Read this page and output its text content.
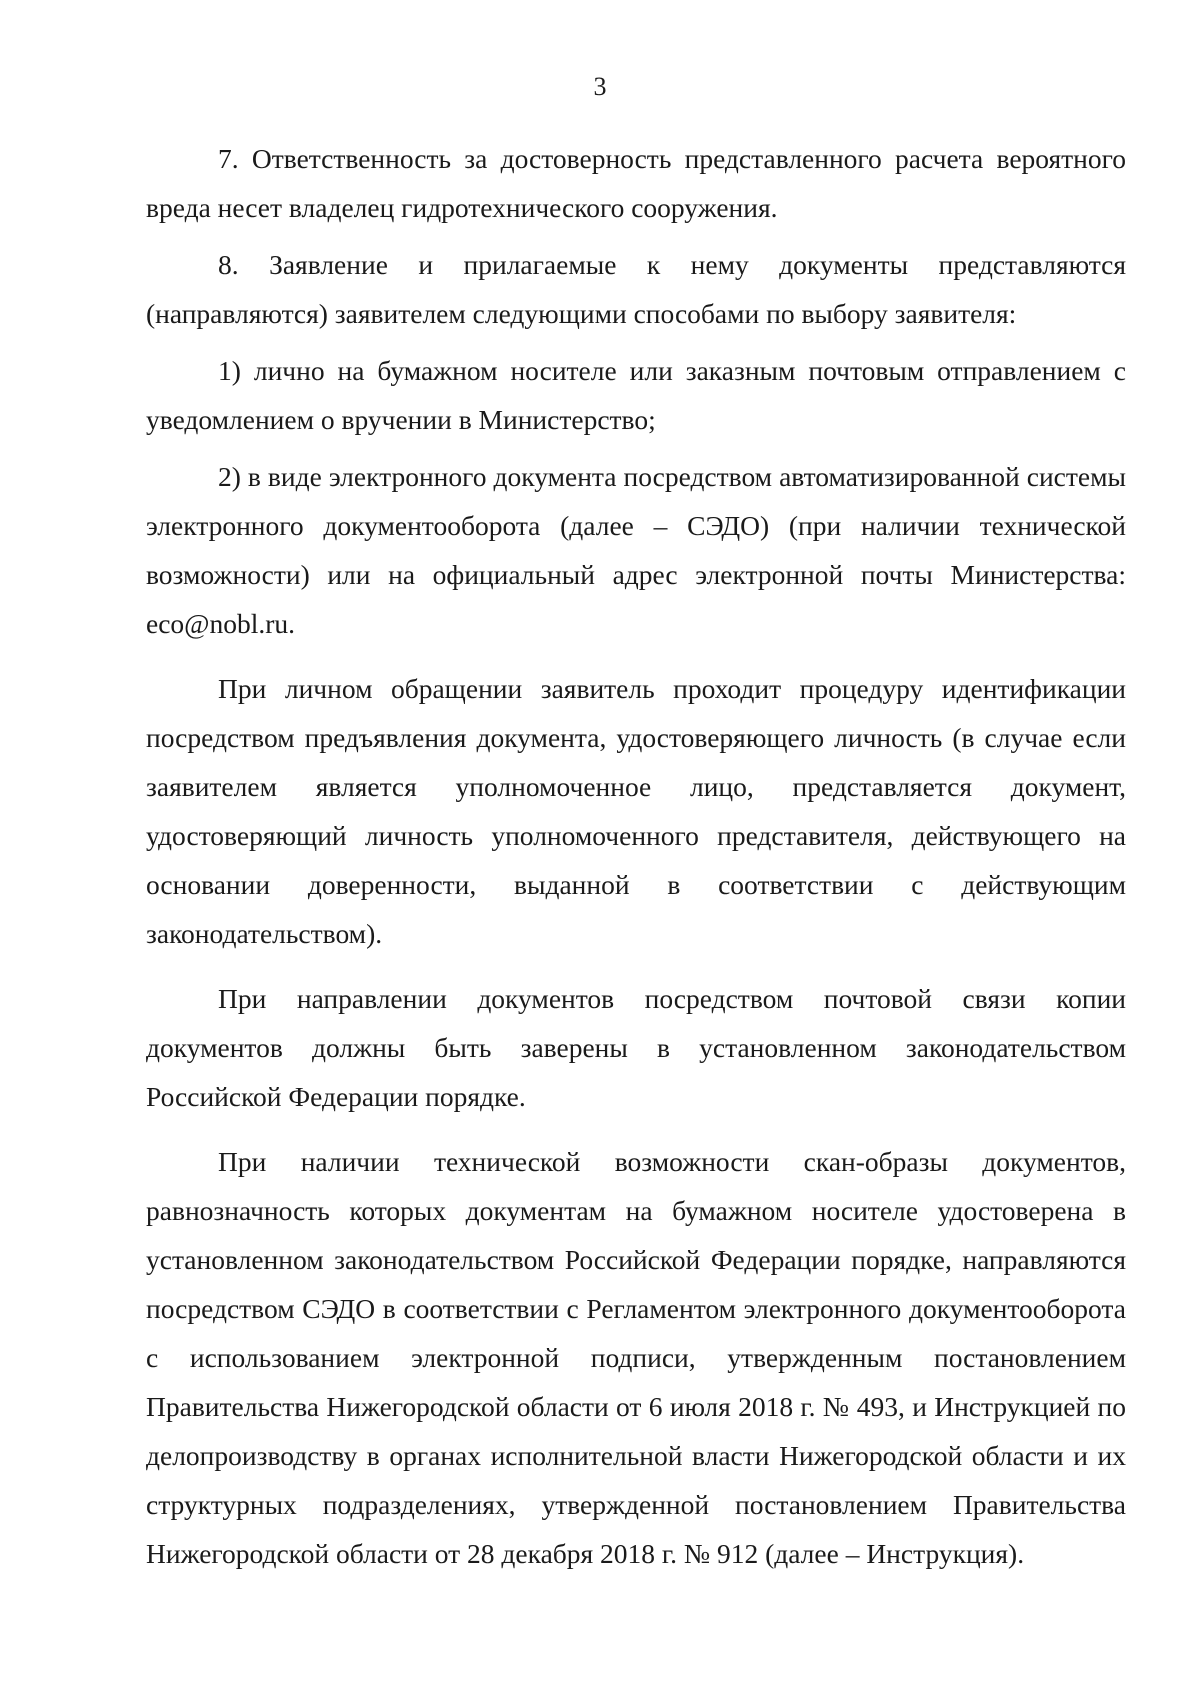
3

7. Ответственность за достоверность представленного расчета вероятного вреда несет владелец гидротехнического сооружения.

8. Заявление и прилагаемые к нему документы представляются (направляются) заявителем следующими способами по выбору заявителя:

1) лично на бумажном носителе или заказным почтовым отправлением с уведомлением о вручении в Министерство;

2) в виде электронного документа посредством автоматизированной системы электронного документооборота (далее – СЭДО) (при наличии технической возможности) или на официальный адрес электронной почты Министерства: eco@nobl.ru.

При личном обращении заявитель проходит процедуру идентификации посредством предъявления документа, удостоверяющего личность (в случае если заявителем является уполномоченное лицо, представляется документ, удостоверяющий личность уполномоченного представителя, действующего на основании доверенности, выданной в соответствии с действующим законодательством).

При направлении документов посредством почтовой связи копии документов должны быть заверены в установленном законодательством Российской Федерации порядке.

При наличии технической возможности скан-образы документов, равнозначность которых документам на бумажном носителе удостоверена в установленном законодательством Российской Федерации порядке, направляются посредством СЭДО в соответствии с Регламентом электронного документооборота с использованием электронной подписи, утвержденным постановлением Правительства Нижегородской области от 6 июля 2018 г. № 493, и Инструкцией по делопроизводству в органах исполнительной власти Нижегородской области и их структурных подразделениях, утвержденной постановлением Правительства Нижегородской области от 28 декабря 2018 г. № 912 (далее – Инструкция).
